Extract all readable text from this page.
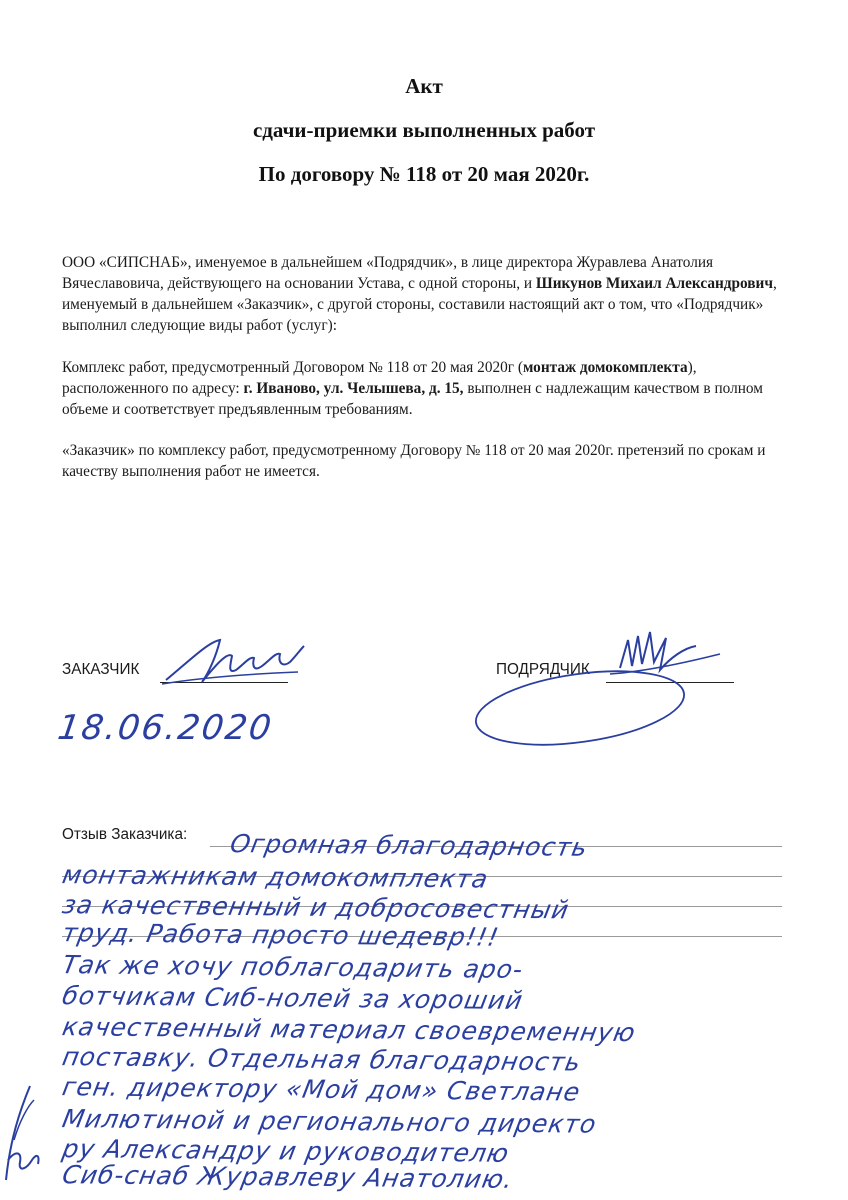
Акт
сдачи-приемки выполненных работ
По договору № 118 от 20 мая 2020г.
ООО «СИПСНАБ», именуемое в дальнейшем «Подрядчик», в лице директора Журавлева Анатолия Вячеславовича, действующего на основании Устава, с одной стороны, и Шикунов Михаил Александрович, именуемый в дальнейшем «Заказчик», с другой стороны, составили настоящий акт о том, что «Подрядчик» выполнил следующие виды работ (услуг):
Комплекс работ, предусмотренный Договором № 118 от 20 мая 2020г (монтаж домокомплекта), расположенного по адресу: г. Иваново, ул. Челышева, д. 15, выполнен с надлежащим качеством в полном объеме и соответствует предъявленным требованиям.
«Заказчик» по комплексу работ, предусмотренному Договору № 118 от 20 мая 2020г. претензий по срокам и качеству выполнения работ не имеется.
ЗАКАЗЧИК	ПОДРЯДЧИК
18.06.2020
Отзыв Заказчика: Огромная благодарность
монтажникам домокомплекта
за качественный и добросовестный
труд. Работа просто шедевр!!!
Так же хочу поблагодарить аро-
ботчикам Сиб-нолей за хороший
качественный материал своевременную
поставку. Отдельная благодарность
ген. директору «Мой дом» Светлане
Милютиной и регионального директо
ру Александру и руководителю
Сиб-снаб Журавлеву Анатолию.
